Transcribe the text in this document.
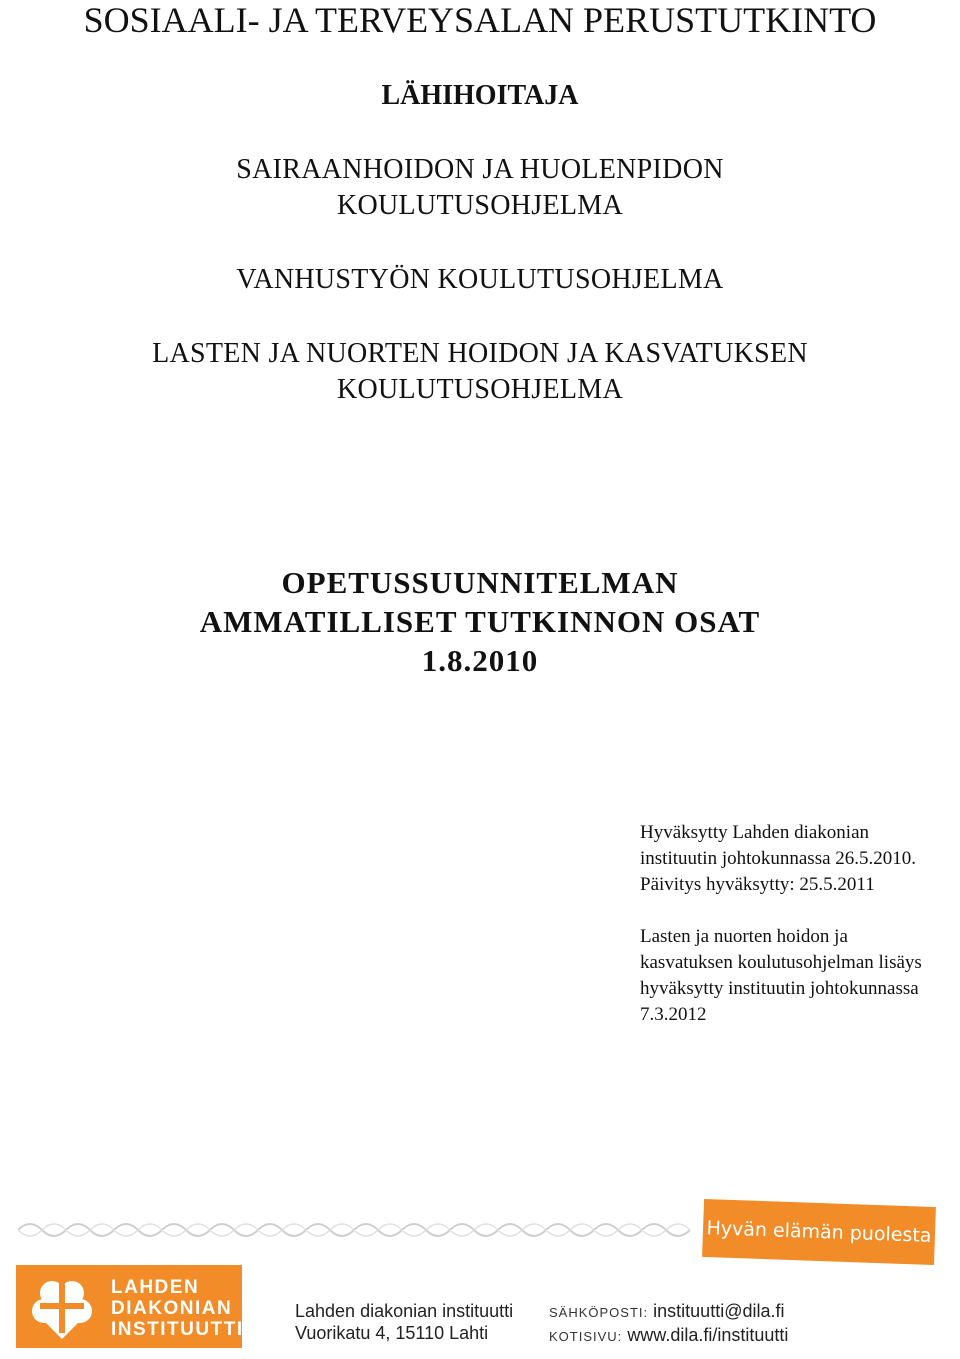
SOSIAALI- JA TERVEYSALAN PERUSTUTKINTO
LÄHIHOITAJA

SAIRAANHOIDON JA HUOLENPIDON
KOULUTUSOHJELMA

VANHUSTYÖN KOULUTUSOHJELMA

LASTEN JA NUORTEN HOIDON JA KASVATUKSEN
KOULUTUSOHJELMA

OPETUSSUUNNITELMAN

AMMATILLISET TUTKINNON OSAT

1.8.2010

Hyväksytty Lahden diakonian
instituutin johtokunnassa 26.5.2010.
Päivitys hyväksytty: 25.5.2011

Lasten ja nuorten hoidon ja
kasvatuksen koulutusohjelman lisäys
hyväksytty instituutin johtokunnassa
7.3.2012

Hyvän elämän puolesta
LAHDEN
DIAKONIAN
INSTITUUTTI
Lahden diakonian instituutti
Vuorikatu 4, 15110 Lahti
SÄHKÖPOSTI: instituutti@dila.fi
KOTISIVU: www.dila.fi/instituutti
